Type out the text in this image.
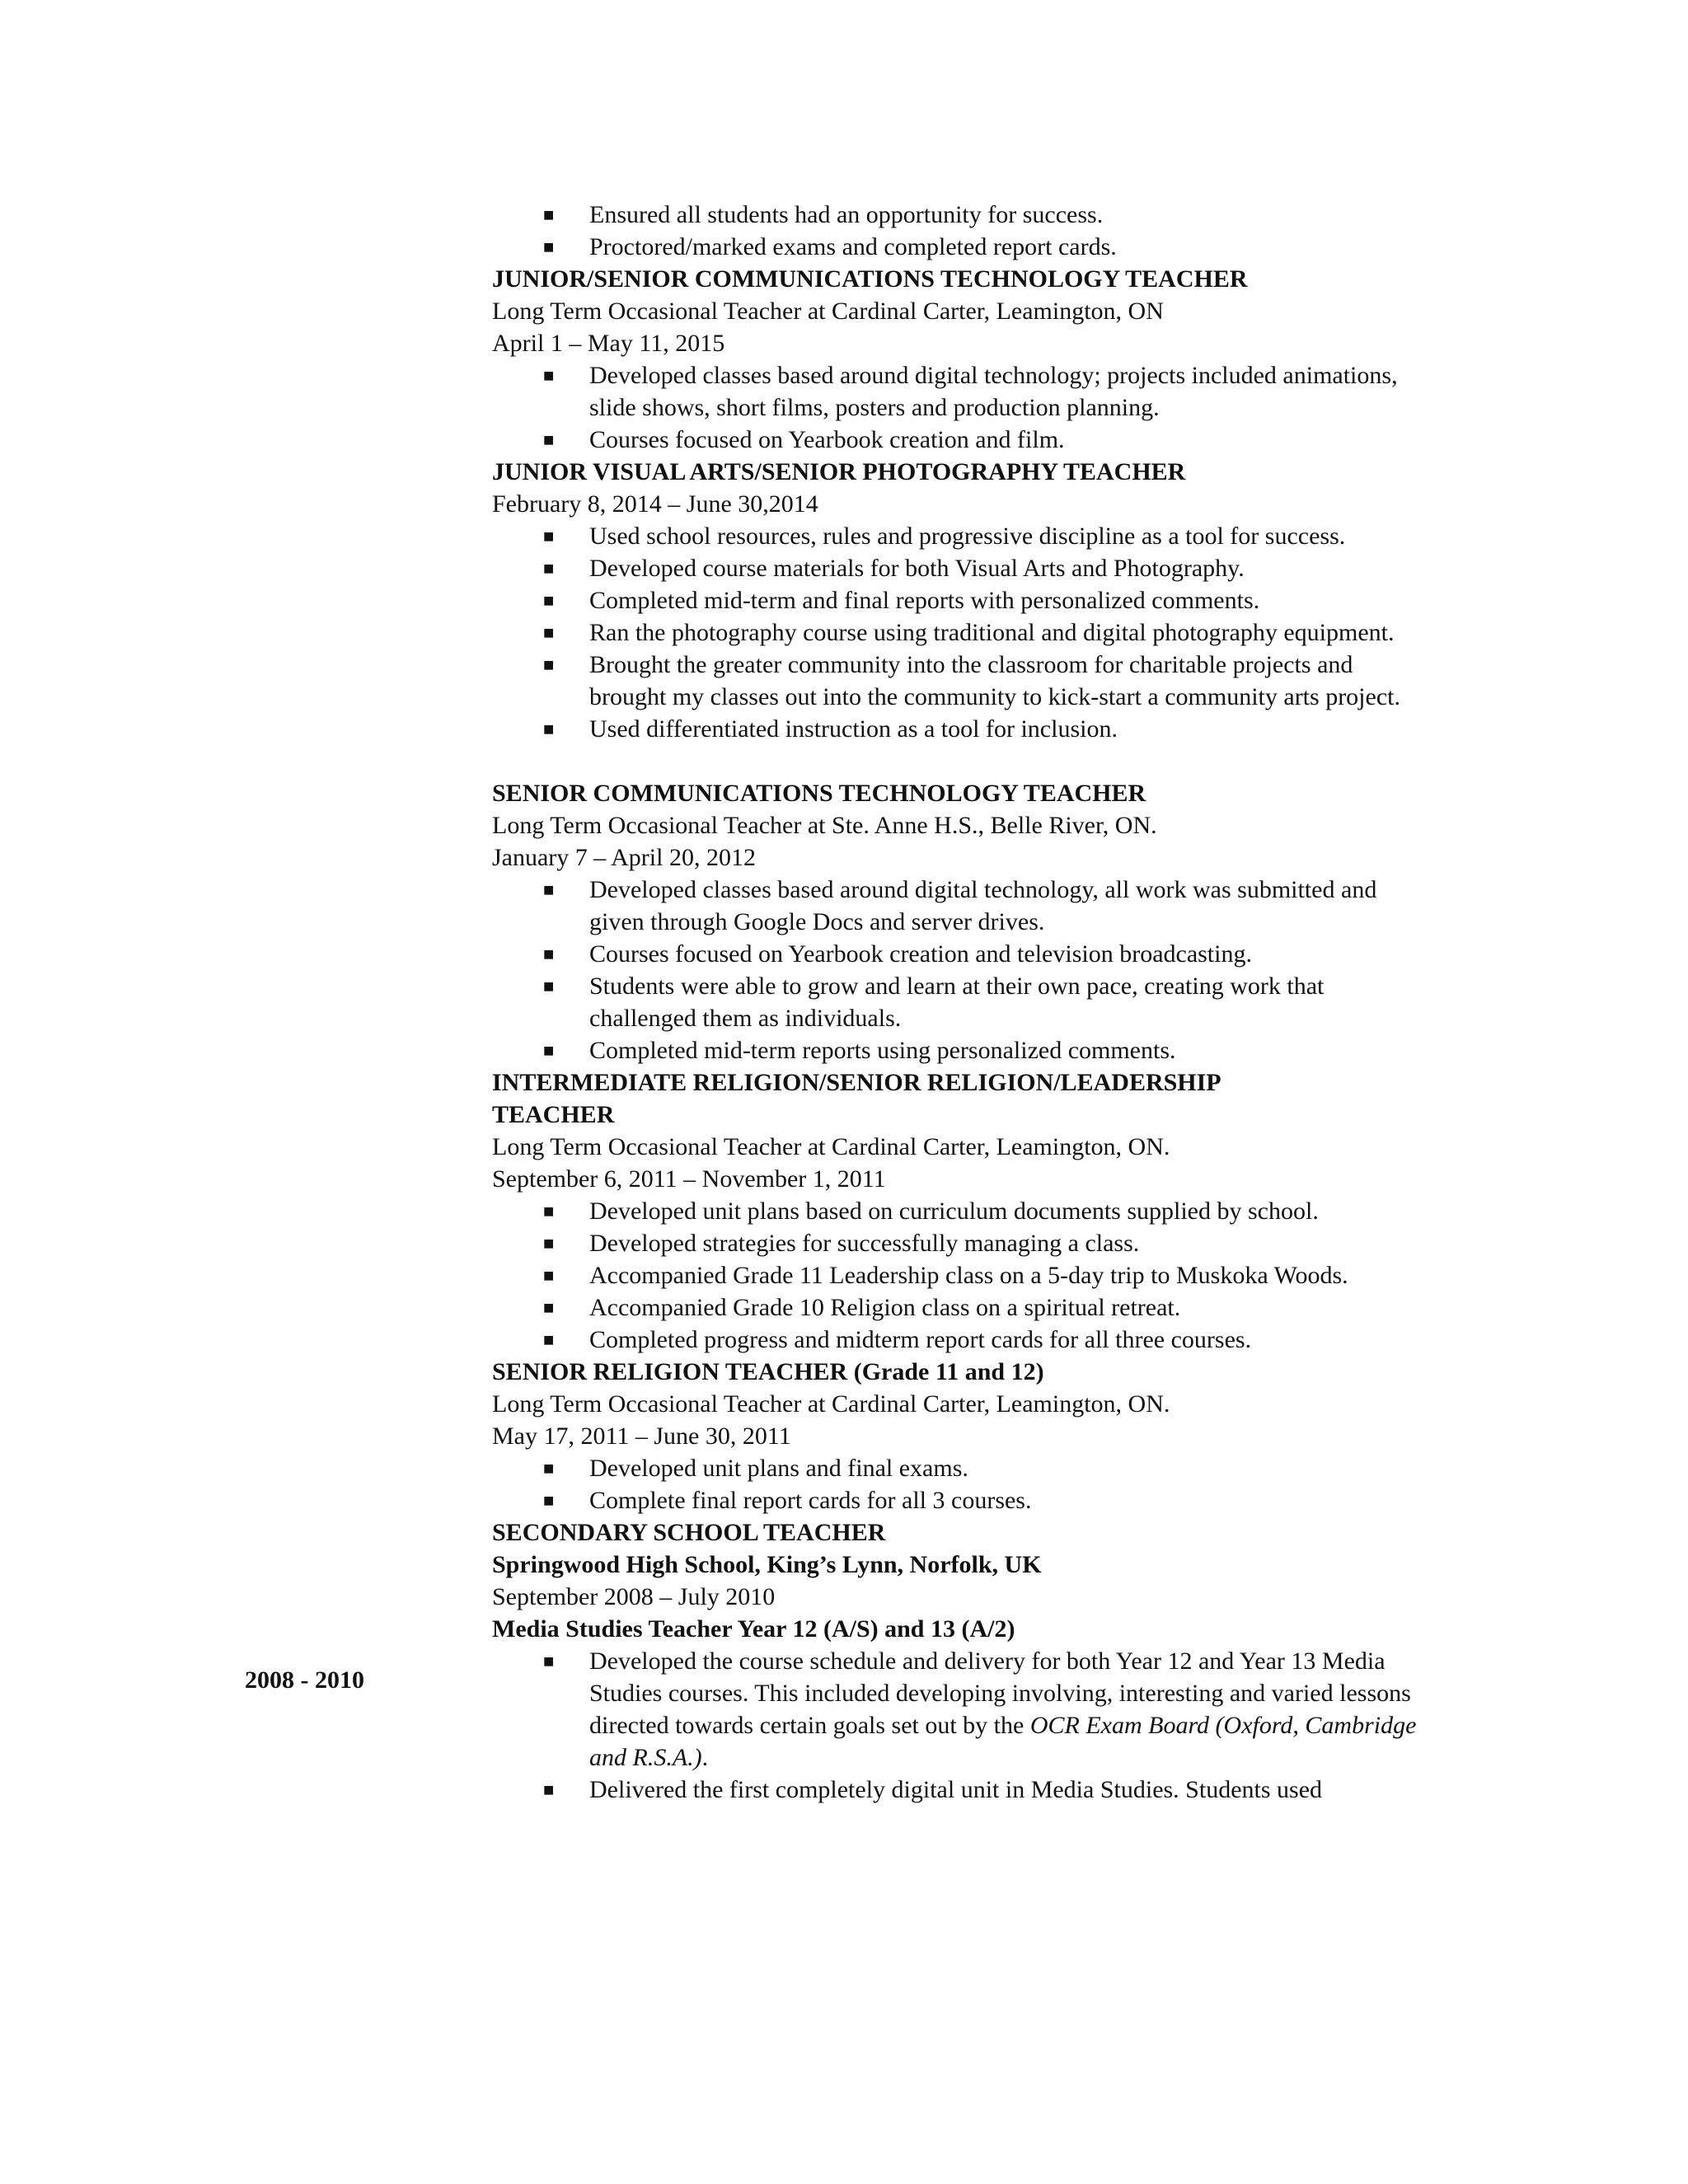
2008 - 2010
■ Ensured all students had an opportunity for success.
■ Proctored/marked exams and completed report cards.
JUNIOR/SENIOR COMMUNICATIONS TECHNOLOGY TEACHER
Long Term Occasional Teacher at Cardinal Carter, Leamington, ON
April 1 – May 11, 2015
■ Developed classes based around digital technology; projects included animations, slide shows, short films, posters and production planning.
■ Courses focused on Yearbook creation and film.
JUNIOR VISUAL ARTS/SENIOR PHOTOGRAPHY TEACHER
February 8, 2014 – June 30,2014
■ Used school resources, rules and progressive discipline as a tool for success.
■ Developed course materials for both Visual Arts and Photography.
■ Completed mid-term and final reports with personalized comments.
■ Ran the photography course using traditional and digital photography equipment.
■ Brought the greater community into the classroom for charitable projects and brought my classes out into the community to kick-start a community arts project.
■ Used differentiated instruction as a tool for inclusion.
SENIOR COMMUNICATIONS TECHNOLOGY TEACHER
Long Term Occasional Teacher at Ste. Anne H.S., Belle River, ON.
January 7 – April 20, 2012
■ Developed classes based around digital technology, all work was submitted and given through Google Docs and server drives.
■ Courses focused on Yearbook creation and television broadcasting.
■ Students were able to grow and learn at their own pace, creating work that challenged them as individuals.
■ Completed mid-term reports using personalized comments.
INTERMEDIATE RELIGION/SENIOR RELIGION/LEADERSHIP
TEACHER
Long Term Occasional Teacher at Cardinal Carter, Leamington, ON.
September 6, 2011 – November 1, 2011
■ Developed unit plans based on curriculum documents supplied by school.
■ Developed strategies for successfully managing a class.
■ Accompanied Grade 11 Leadership class on a 5-day trip to Muskoka Woods.
■ Accompanied Grade 10 Religion class on a spiritual retreat.
■ Completed progress and midterm report cards for all three courses.
SENIOR RELIGION TEACHER (Grade 11 and 12)
Long Term Occasional Teacher at Cardinal Carter, Leamington, ON.
May 17, 2011 – June 30, 2011
■ Developed unit plans and final exams.
■ Complete final report cards for all 3 courses.
SECONDARY SCHOOL TEACHER
Springwood High School, King’s Lynn, Norfolk, UK
September 2008 – July 2010
Media Studies Teacher Year 12 (A/S) and 13 (A/2)
■ Developed the course schedule and delivery for both Year 12 and Year 13 Media Studies courses. This included developing involving, interesting and varied lessons directed towards certain goals set out by the OCR Exam Board (Oxford, Cambridge and R.S.A.).
■ Delivered the first completely digital unit in Media Studies. Students used
